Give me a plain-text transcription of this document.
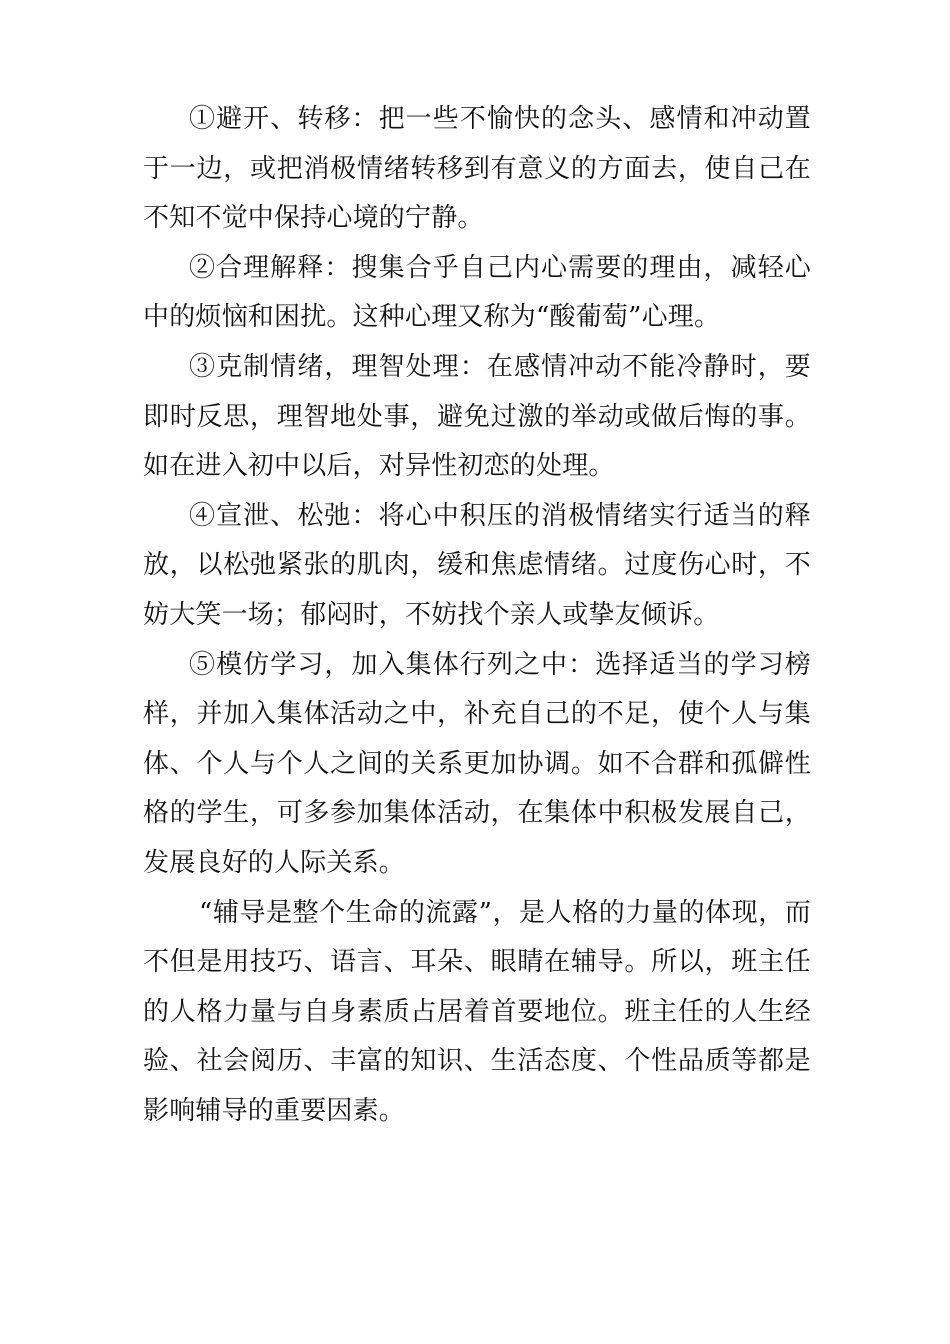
①避开、转移：把一些不愉快的念头、感情和冲动置于一边，或把消极情绪转移到有意义的方面去，使自己在不知不觉中保持心境的宁静。

②合理解释：搜集合乎自己内心需要的理由，减轻心中的烦恼和困扰。这种心理又称为“酸葡萄”心理。

③克制情绪，理智处理：在感情冲动不能冷静时，要即时反思，理智地处事，避免过激的举动或做后悔的事。如在进入初中以后，对异性初恋的处理。

④宣泄、松弛：将心中积压的消极情绪实行适当的释放，以松弛紧张的肌肉，缓和焦虑情绪。过度伤心时，不妨大笑一场；郁闷时，不妨找个亲人或挚友倾诉。

⑤模仿学习，加入集体行列之中：选择适当的学习榜样，并加入集体活动之中，补充自己的不足，使个人与集体、个人与个人之间的关系更加协调。如不合群和孤僻性格的学生，可多参加集体活动，在集体中积极发展自己，发展良好的人际关系。

“辅导是整个生命的流露”，是人格的力量的体现，而不但是用技巧、语言、耳朵、眼睛在辅导。所以，班主任的人格力量与自身素质占居着首要地位。班主任的人生经验、社会阅历、丰富的知识、生活态度、个性品质等都是影响辅导的重要因素。
